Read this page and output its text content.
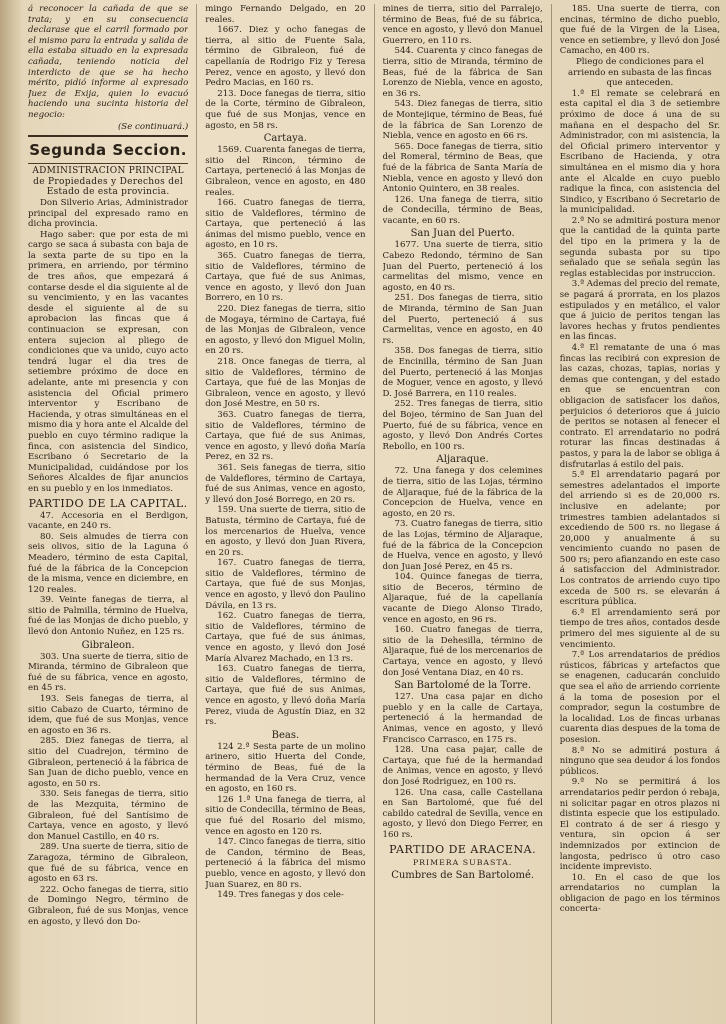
á reconocer la cañada de que se trata; y en su consecuencia declarase que el carril formado por el mismo para la entrada y salida de ella estaba situado en la expresada cañada, teniendo noticia del interdicto de que se ha hecho mérito, pidió informe al expresado Juez de Exija, quien lo evacuó haciendo una sucinta historia del negocio:

(Se continuará.)
Segunda Seccion.

ADMINISTRACION PRINCIPAL de Propiedades y Derechos del Estado de esta provincia.

Don Silverio Arias, Administrador principal del expresado ramo en dicha provincia.

Hago saber: que por esta de mi cargo se saca á subasta con baja de la sexta parte de su tipo en la primera, en arriendo, por término de tres años, que empezará á contarse desde el dia siguiente al de su vencimiento, y en las vacantes desde el siguiente al de su aprobacion las fincas que á continuacion se expresan, con entera sujecion al pliego de condiciones que va unido, cuyo acto tendrá lugar el dia tres de setiembre próximo de doce en adelante, ante mi presencia y con asistencia del Oficial primero interventor y Escribano de Hacienda, y otras simultáneas en el mismo dia y hora ante el Alcalde del pueblo en cuyo término radique la finca, con asistencia del Sindico, Escribano ó Secretario de la Municipalidad, cuidándose por los Señores Alcaldes de fijar anuncios en su pueblo y en los inmediatos.

PARTIDO DE LA CAPITAL.

47. Accesoria en el Berdigon, vacante, en 240 rs.

80. Seis almudes de tierra con seis olivos, sitio de la Laguna ó Meadero, término de esta Capital, fué de la fábrica de la Concepcion de la misma, vence en diciembre, en 120 reales.

39. Veinte fanegas de tierra, al sitio de Palmilla, término de Huelva, fué de las Monjas de dicho pueblo, y llevó don Antonio Nuñez, en 125 rs.

Gibraleon.

303. Una suerte de tierra, sitio de Miranda, término de Gibraleon que fué de su fábrica, vence en agosto, en 45 rs.

193. Seis fanegas de tierra, al sitio Cabazo de Cuarto, término de idem, que fué de sus Monjas, vence en agosto en 36 rs.

285. Diez fanegas de tierra, al sitio del Cuadrejon, término de Gibraleon, perteneció á la fábrica de San Juan de dicho pueblo, vence en agosto, en 50 rs.

330. Seis fanegas de tierra, sitio de las Mezquita, término de Gibraleon, fué del Santísimo de Cartaya, vence en agosto, y llevó don Manuel Castillo, en 40 rs.

289. Una suerte de tierra, sitio de Zaragoza, término de Gibraleon, que fué de su fábrica, vence en agosto en 63 rs.

222. Ocho fanegas de tierra, sitio de Domingo Negro, término de Gibraleon, fué de sus Monjas, vence en agosto, y llevó don Do-

mingo Fernando Delgado, en 20 reales.

1667. Diez y ocho fanegas de tierra, al sitio de Fuente Sala, término de Gibraleon, fué de capellanía de Rodrigo Fiz y Teresa Perez, vence en agosto, y llevó don Pedro Macias, en 160 rs.

213. Doce fanegas de tierra, sitio de la Corte, término de Gibraleon, que fué de sus Monjas, vence en agosto, en 58 rs.

Cartaya.

1569. Cuarenta fanegas de tierra, sitio del Rincon, término de Cartaya, perteneció á las Monjas de Gibraleon, vence en agosto, en 480 reales.

166. Cuatro fanegas de tierra, sitio de Valdeflores, término de Cartaya, que perteneció á las ánimas del mismo pueblo, vence en agosto, en 10 rs.

365. Cuatro fanegas de tierra, sitio de Valdeflores, término de Cartaya, que fué de sus Animas, vence en agosto, y llevó don Juan Borrero, en 10 rs.

220. Diez fanegas de tierra, sitio de Mogaya, término de Cartaya, fué de las Monjas de Gibraleon, vence en agosto, y llevó don Miguel Molin, en 20 rs.

218. Once fanegas de tierra, al sitio de Valdeflores, término de Cartaya, que fué de las Monjas de Gibraleon, vence en agosto, y llevó don José Mestre, en 50 rs.

363. Cuatro fanegas de tierra, sitio de Valdeflores, término de Cartaya, que fué de sus Animas, vence en agosto, y llevó doña María Perez, en 32 rs.

361. Seis fanegas de tierra, sitio de Valdeflores, término de Cartaya, fué de sus Animas, vence en agosto, y llevó don José Borrego, en 20 rs.

159. Una suerte de tierra, sitio de Batusta, término de Cartaya, fué de los mercenarios de Huelva, vence en agosto, y llevó don Juan Rivera, en 20 rs.

167. Cuatro fanegas de tierra, sitio de Valdeflores, término de Cartaya, que fué de sus Monjas, vence en agosto, y llevó don Paulino Dávila, en 13 rs.

162. Cuatro fanegas de tierra, sitio de Valdeflores, término de Cartaya, que fué de sus ánimas, vence en agosto, y llevó don José María Alvarez Machado, en 13 rs.

163. Cuatro fanegas de tierra, sitio de Valdeflores, término de Cartaya, que fué de sus Animas, vence en agosto, y llevó doña María Perez, viuda de Agustín Diaz, en 32 rs.

Beas.

124 2.ª Sesta parte de un molino arinero, sitio Huerta del Conde, término de Beas, fué de la hermandad de la Vera Cruz, vence en agosto, en 160 rs.

126 1.ª Una fanega de tierra, al sitio de Condecilla, término de Beas, que fué del Rosario del mismo, vence en agosto en 120 rs.

147. Cinco fanegas de tierra, sitio de Candon, término de Beas, perteneció á la fábrica del mismo pueblo, vence en agosto, y llevó don Juan Suarez, en 80 rs.

149. Tres fanegas y dos cele-

mines de tierra, sitio del Parralejo, término de Beas, fué de su fábrica, vence en agosto, y llevó don Manuel Guerrero, en 110 rs.

544. Cuarenta y cinco fanegas de tierra, sitio de Miranda, término de Beas, fué de la fábrica de San Lorenzo de Niebla, vence en agosto, en 36 rs.

543. Diez fanegas de tierra, sitio de Montejique, término de Beas, fué de la fábrica de San Lorenzo de Niebla, vence en agosto en 66 rs.

565. Doce fanegas de tierra, sitio del Romeral, término de Beas, que fué de la fábrica de Santa María de Niebla, vence en agosto y llevó don Antonio Quintero, en 38 reales.

126. Una fanega de tierra, sitio de Condecilla, término de Beas, vacante, en 60 rs.

San Juan del Puerto.

1677. Una suerte de tierra, sitio Cabezo Redondo, término de San Juan del Puerto, perteneció á los carmelitas del mismo, vence en agosto, en 40 rs.

251. Dos fanegas de tierra, sitio de Miranda, término de San Juan del Puerto, perteneció á sus Carmelitas, vence en agosto, en 40 rs.

358. Dos fanegas de tierra, sitio de Encinilla, término de San Juan del Puerto, perteneció á las Monjas de Moguer, vence en agosto, y llevó D. José Barrera, en 110 reales.

252. Tres fanegas de tierra, sitio del Bojeo, término de San Juan del Puerto, fué de su fábrica, vence en agosto, y llevó Don Andrés Cortes Rebollo, en 100 rs.

Aljaraque.

72. Una fanega y dos celemines de tierra, sitio de las Lojas, término de Aljaraque, fué de la fábrica de la Concepcion de Huelva, vence en agosto, en 20 rs.

73. Cuatro fanegas de tierra, sitio de las Lojas, término de Aljaraque, fué de la fábrica de la Concepcion de Huelva, vence en agosto, y llevó don Juan José Perez, en 45 rs.

104. Quince fanegas de tierra, sitio de Beceros, término de Aljaraque, fué de la capellanía vacante de Diego Alonso Tirado, vence en agosto, en 96 rs.

160. Cuatro fanegas de tierra, sitio de la Dehesilla, término de Aljaraque, fué de los mercenarios de Cartaya, vence en agosto, y llevó don José Ventana Diaz, en 40 rs.

San Bartolomé de la Torre.

127. Una casa pajar en dicho pueblo y en la calle de Cartaya, perteneció á la hermandad de Animas, vence en agosto, y llevó Francisco Carrasco, en 175 rs.

128. Una casa pajar, calle de Cartaya, que fué de la hermandad de Animas, vence en agosto, y llevó don José Rodriguez, en 100 rs.

126. Una casa, calle Castellana en San Bartolomé, que fué del cabildo catedral de Sevilla, vence en agosto, y llevó don Diego Ferrer, en 160 rs.

PARTIDO DE ARACENA.
PRIMERA SUBASTA.
Cumbres de San Bartolomé.

185. Una suerte de tierra, con encinas, término de dicho pueblo, que fué de la Virgen de la Lisea, vence en setiembre, y llevó don José Camacho, en 400 rs.

Pliego de condiciones para el arriendo en subasta de las fincas que anteceden.

1.ª El remate se celebrará en esta capital el dia 3 de setiembre próximo de doce á una de su mañana en el despacho del Sr. Administrador, con mi asistencia, la del Oficial primero interventor y Escribano de Hacienda, y otra simultánea en el mismo dia y hora ante el Alcalde en cuyo pueblo radique la finca, con asistencia del Sindico, y Escribano ó Secretario de la municipalidad.

2.ª No se admitirá postura menor que la cantidad de la quinta parte del tipo en la primera y la de segunda subasta por su tipo señalado que se señala según las reglas establecidas por instruccion.

3.ª Ademas del precio del remate, se pagará á prorrata, en los plazos estipulados y en metálico, el valor que á juicio de peritos tengan las lavores hechas y frutos pendientes en las fincas.

4.ª El rematante de una ó mas fincas las recibirá con expresion de las cazas, chozas, tapias, norias y demas que contengan, y del estado en que se encuentran con obligacion de satisfacer los daños, perjuicios ó deterioros que á juicio de peritos se notasen al fenecer el contrato. El arrendatario no podrá roturar las fincas destinadas á pastos, y para la de labor se obliga á disfrutarlas á estilo del pais.

5.ª El arrendatario pagará por semestres adelantados el importe del arriendo si es de 20,000 rs. inclusive en adelante; por trimestres tambien adelantados si excediendo de 500 rs. no llegase á 20,000 y anualmente á su vencimiento cuando no pasen de 500 rs; pero afianzando en este caso á satisfaccion del Administrador. Los contratos de arriendo cuyo tipo exceda de 500 rs. se elevarán á escritura pública.

6.ª El arrendamiento será por tiempo de tres años, contados desde primero del mes siguiente al de su vencimiento.

7.ª Los arrendatarios de prédios rústicos, fábricas y artefactos que se enagenen, caducarán concluido que sea el año de arriendo corriente á la toma de posesion por el comprador, segun la costumbre de la localidad. Los de fincas urbanas cuarenta dias despues de la toma de posesion.

8.ª No se admitirá postura á ninguno que sea deudor á los fondos públicos.

9.ª No se permitirá á los arrendatarios pedir perdon ó rebaja, ni solicitar pagar en otros plazos ni distinta especie que los estipulado. El contrato á de ser á riesgo y ventura, sin opcion á ser indemnizados por extincion de langosta, pedrisco ú otro caso incidente imprevisto.

10. En el caso de que los arrendatarios no cumplan la obligacion de pago en los términos concerta-
